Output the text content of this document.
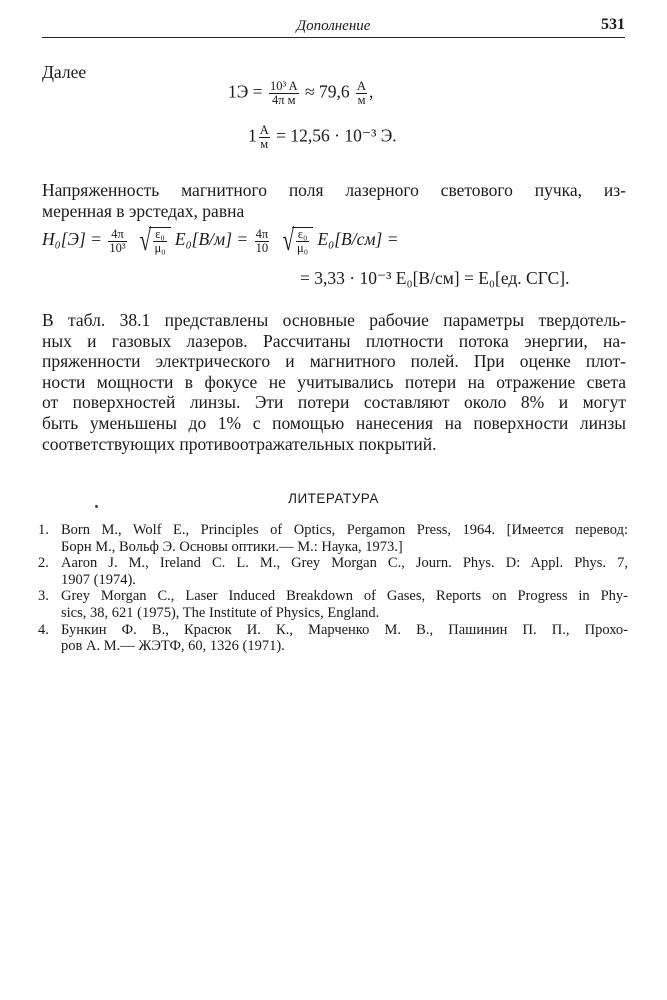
Дополнение	531
Далее
1Э = 10³ A
4π м ≈ 79,6 A
м ,
1 A
м = 12,56 · 10⁻³ Э.
Напряженность магнитного поля лазерного светового пучка, из-
меренная в эрстедах, равна
$H_0[Э] = \frac{4\pi}{\text{10³}}$ √ $\frac{\text{ε₀}}{\text{μ₀}} E_0[В/м] = \frac{4\pi}{10}$ √ $\frac{\text{ε₀}}{\text{μ₀}} E_0[В/см]$ =
= 3,33 · 10⁻³ E₀[В/см] = E₀[ед. СГС].
В табл. 38.1 представлены основные рабочие параметры твердотель-
ных и газовых лазеров. Рассчитаны плотности потока энергии, на-
пряженности электрического и магнитного полей. При оценке плот-
ности мощности в фокусе не учитывались потери на отражение света
от поверхностей линзы. Эти потери составляют около 8% и могут
быть уменьшены до 1% с помощью нанесения на поверхности линзы
соответствующих противоотражательных покрытий.
ЛИТЕРАТУРА
1. Born M., Wolf E., Principles of Optics, Pergamon Press, 1964. [Имеется перевод:
Борн М., Вольф Э. Основы оптики.— М.: Наука, 1973.]
2. Aaron J. M., Ireland C. L. M., Grey Morgan C., Journ. Phys. D: Appl. Phys. 7,
1907 (1974).
3. Grey Morgan C., Laser Induced Breakdown of Gases, Reports on Progress in Phy-
sics, 38, 621 (1975), The Institute of Physics, England.
4. Бункин Ф. В., Красюк И. К., Марченко М. В., Пашинин П. П., Прохо-
ров А. М.— ЖЭТФ, 60, 1326 (1971).
